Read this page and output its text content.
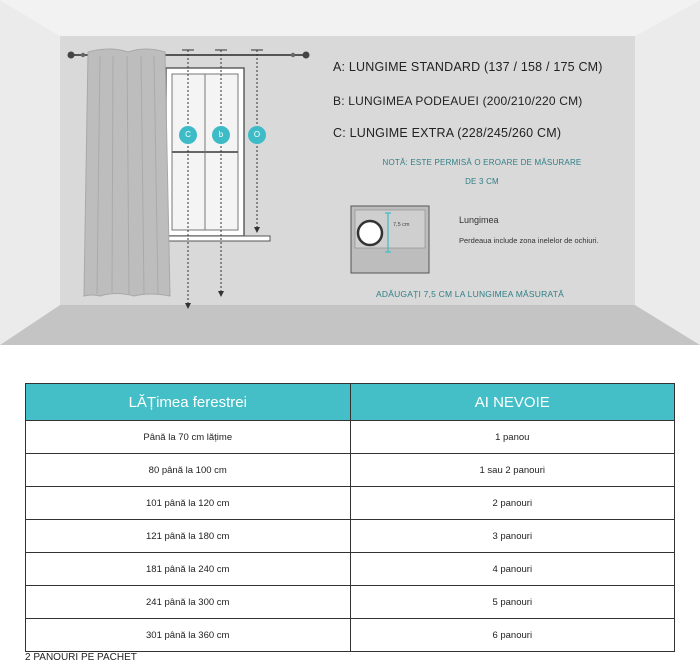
C	b	O
A: LUNGIME STANDARD (137 / 158 / 175 CM)
B: LUNGIMEA PODEAUEI (200/210/220 CM)
C: LUNGIME EXTRA (228/245/260 CM)
NOTĂ: ESTE PERMISĂ O EROARE DE MĂSURARE
DE 3 CM
7,5 cm	Lungimea
Perdeaua include zona inelelor de ochiuri.
ADĂUGAȚI 7,5 CM LA LUNGIMEA MĂSURATĂ
LĂȚimea ferestrei	AI NEVOIE
Până la 70 cm lățime	1 panou
80 până la 100 cm	1 sau 2 panouri
101 până la 120 cm	2 panouri
121 până la 180 cm	3 panouri
181 până la 240 cm	4 panouri
241 până la 300 cm	5 panouri
301 până la 360 cm	6 panouri
2 PANOURI PE PACHET
